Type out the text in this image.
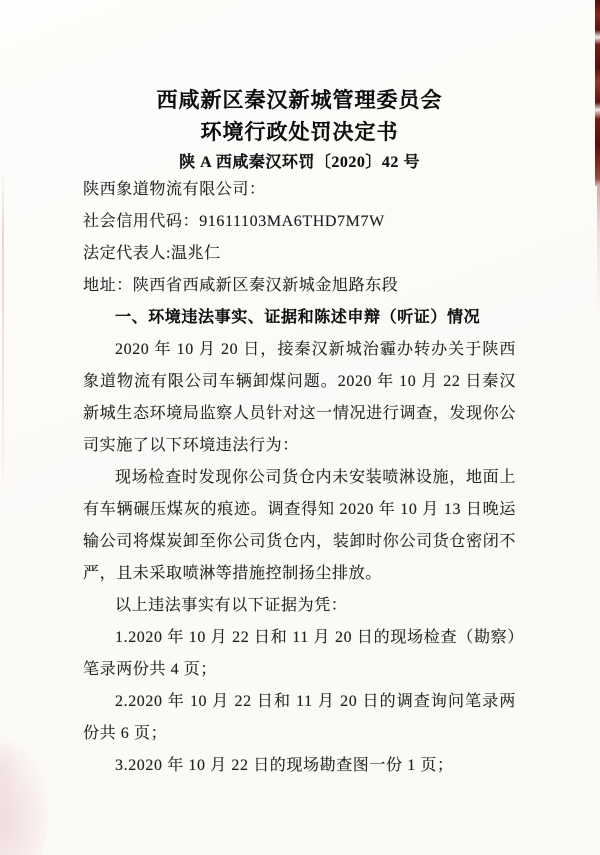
西咸新区秦汉新城管理委员会
环境行政处罚决定书
陕 A 西咸秦汉环罚〔2020〕42 号
陕西象道物流有限公司：
社会信用代码：91611103MA6THD7M7W
法定代表人:温兆仁
地址：陕西省西咸新区秦汉新城金旭路东段
一、环境违法事实、证据和陈述申辩（听证）情况

2020 年 10 月 20 日，接秦汉新城治霾办转办关于陕西象道物流有限公司车辆卸煤问题。2020 年 10 月 22 日秦汉新城生态环境局监察人员针对这一情况进行调查，发现你公司实施了以下环境违法行为：

现场检查时发现你公司货仓内未安装喷淋设施，地面上有车辆碾压煤灰的痕迹。调查得知 2020 年 10 月 13 日晚运输公司将煤炭卸至你公司货仓内，装卸时你公司货仓密闭不严，且未采取喷淋等措施控制扬尘排放。

以上违法事实有以下证据为凭：

1.2020 年 10 月 22 日和 11 月 20 日的现场检查（勘察）笔录两份共 4 页；

2.2020 年 10 月 22 日和 11 月 20 日的调查询问笔录两份共 6 页；

3.2020 年 10 月 22 日的现场勘查图一份 1 页；
